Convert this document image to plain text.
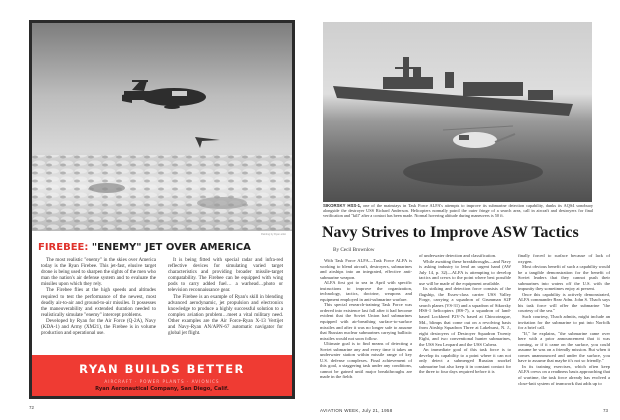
Painting by Ryan artist
FIREBEE: "ENEMY" JET OVER AMERICA

The most realistic "enemy" in the skies over America today is the Ryan Firebee. This jet-fast, elusive target drone is being used to sharpen the sights of the men who man the nation's air defense system and to evaluate the missiles upon which they rely.

The Firebee flies at the high speeds and altitudes required to test the performance of the newest, most deadly air-to-air and ground-to-air missiles. It possesses the maneuverability and extended duration needed to realistically simulate "enemy" intercept problems.

Developed by Ryan for the Air Force (Q-2A), Navy (KDA-1) and Army (XM21), the Firebee is in volume production and operational use.

It is being fitted with special radar and infra-red reflective devices for simulating varied target characteristics and providing broader missile-target compatability. The Firebee can be equipped with wing pods to carry added fuel… a warhead…photo or television reconnaissance gear.

The Firebee is an example of Ryan's skill in blending advanced aerodynamic, jet propulsion and electronics knowledge to produce a highly successful solution to a complex aviation problem…meet a vital military need. Other examples are the Air Force-Ryan X-13 Vertijet and Navy-Ryan AN/APN-67 automatic navigator for global jet flight.

RYAN BUILDS BETTER
AIRCRAFT · POWER PLANTS · AVIONICS
Ryan Aeronautical Company, San Diego, Calif.
72
SIKORSKY HSS-1, one of the mainstays in Task Force ALFA's attempts to improve its submarine detection capability, dunks its AQS4 sonobuoy alongside the destroyer USS Richard Anderson. Helicopters normally patrol the outer fringe of a search area, call in aircraft and destroyers for final verification and "kill" after a contact has been made. Normal hovering altitude during maneuvers is 50 ft.
Navy Strives to Improve ASW Tactics
By Cecil Brownlow

With Task Force ALFA—Task Force ALFA is working to blend aircraft, destroyers, submarines and airships into an integrated, effective anti-submarine weapon.

ALFA first got to sea in April with specific instructions to improve the organization, technology, tactics, doctrine, weapons and equipment employed in anti-submarine warfare.

This special research-training Task Force was ordered into existence last fall after it had become evident that the Soviet Union had submarines equipped with air-breathing surface-to-surface missiles and after it was no longer safe to assume that Russian nuclear submarines carrying ballistic missiles would not soon follow.

Ultimate goal is to find means of detecting a Soviet submarine any and every time it takes an underwater station within missile range of key U.S. defense complexes. Final achievement of this goal, a staggering task under any conditions, cannot be gained until major breakthroughs are made in the fields

of underwater detection and classification.

While awaiting these breakthroughs—and Navy is asking industry to lend an urgent hand (AW July 14, p. 32)—ALFA is attempting to develop tactics and crews to the point where best possible use will be made of the equipment available.

Its striking and detection force consists of the flagship, the Essex-class carrier USS Valley Forge, carrying a squadron of Grumman S2F search planes (VS-31) and a squadron of Sikorsky HSS-1 helicopters (HS-7), a squadron of land-based Lockheed P2V-7s based at Chincoteague, Md., blimps that come out on a revolving basis from Airship Squadron Three at Lakehurst, N. J., eight destroyers of Destroyer Squadron Twenty Eight, and two conventional hunter submarines, the USS Sea Leopard and the USS Cubera.

An immediate goal of this task force is to develop its capability to a point where it can not only detect a submerged Russian snorkel submarine but also keep it in constant contact for the three to four days required before it is

finally forced to surface because of lack of oxygen.

Most obvious benefit of such a capability would be a tangible demonstration for the benefit of Soviet leaders that they cannot push their submarines into waters off the U.S. with the impunity they sometimes enjoy at present.

Once this capability is actively demonstrated, ALFA commander Rear Adm. John S. Thach says his task force will offer the submarine "the courtesy of the sea."

Such courtesy, Thach admits, might include an invitation for the submarine to put into Norfolk for a brief call.

"If," he explains, "the submarine came over here with a prior announcement that it was coming, or if it came on the surface, you could assume he was on a friendly mission. But when it comes unannounced and under the surface, you have to assume that maybe it's not so friendly."

In its training exercises, which often keep ALFA crews on a readiness basis approaching that of wartime, the task force already has evolved a close-knit system of teamwork that adds up to

AVIATION WEEK, July 21, 1958	73
